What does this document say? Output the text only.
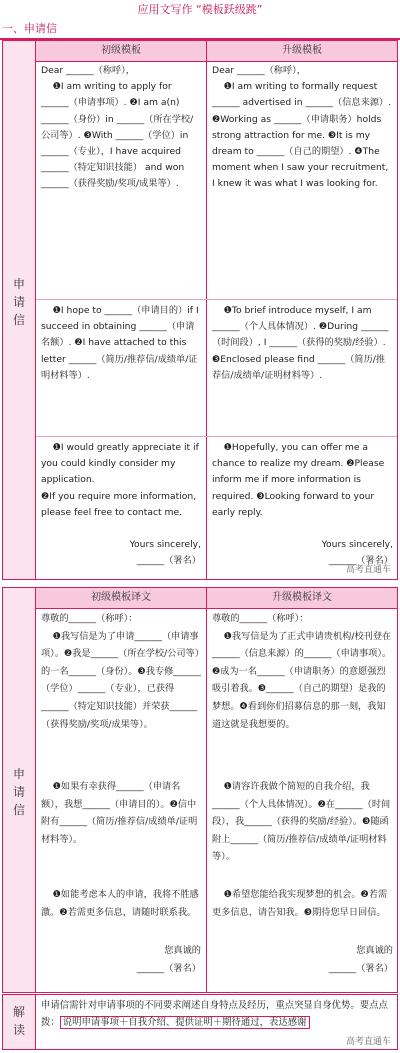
应用文写作 “模板跃级跳”
一、申请信
申
请
信
初级模板	升级模板
Dear ______（称呼），
❶I am writing to apply for ______（申请事项）. ❷I am a(n) ______（身份）in ______（所在学校/公司等）. ❸With ______（学位）in ______（专业），I have acquired ______（特定知识技能） and won ______（获得奖励/奖项/成果等）.
❶I hope to ______（申请目的）if I succeed in obtaining ______（申请名额）. ❷I have attached to this letter ______（简历/推荐信/成绩单/证明材料等）.
❶I would greatly appreciate it if you could kindly consider my application.
❷If you require more information, please feel free to contact me.
Yours sincerely,
______（署名）
Dear ______（称呼），
❶I am writing to formally request ______ advertised in ______（信息来源）. ❷Working as ______（申请职务）holds strong attraction for me. ❸It is my dream to ______（自己的期望）. ❹The moment when I saw your recruitment, I knew it was what I was looking for.
❶To brief introduce myself, I am ______（个人具体情况）. ❷During ______（时间段）, I ______（获得的奖励/经验）. ❸Enclosed please find ______（简历/推荐信/成绩单/证明材料等）.
❶Hopefully, you can offer me a chance to realize my dream. ❷Please inform me if more information is required. ❸Looking forward to your early reply.
Yours sincerely,
______（署名）
高考直通车
申
请
信
初级模板译文	升级模板译文
尊敬的______（称呼）：
❶我写信是为了申请______（申请事项）。❷我是______（所在学校/公司等）的一名______（身份）。❸我专修______（学位）______（专业），已获得______（特定知识技能）并荣获______（获得奖励/奖项/成果等）。
❶如果有幸获得______（申请名额），我想______（申请目的）。❷信中附有______（简历/推荐信/成绩单/证明材料等）。
❶如能考虑本人的申请，我将不胜感激。❷若需更多信息，请随时联系我。
您真诚的
______（署名）
尊敬的______（称呼）：
❶我写信是为了正式申请贵机构/校刊登在______（信息来源）的______（申请事项）。❷成为一名______（申请职务）的意愿强烈吸引着我。❸______（自己的期望）是我的梦想。❹看到你们招募信息的那一刻，我知道这就是我想要的。
❶请容许我做个简短的自我介绍，我______（个人具体情况）。❷在______（时间段），我______（获得的奖励/经验）。❸随函附上______（简历/推荐信/成绩单/证明材料等）。
❶希望您能给我实现梦想的机会。❷若需更多信息，请告知我。❸期待您早日回信。
您真诚的
______（署名）
解
读
申请信需针对申请事项的不同要求阐述自身特点及经历，重点突显自身优势。要点点拨： 说明申请事项＋自我介绍、提供证明＋期待通过，表达感谢
高考直通车
